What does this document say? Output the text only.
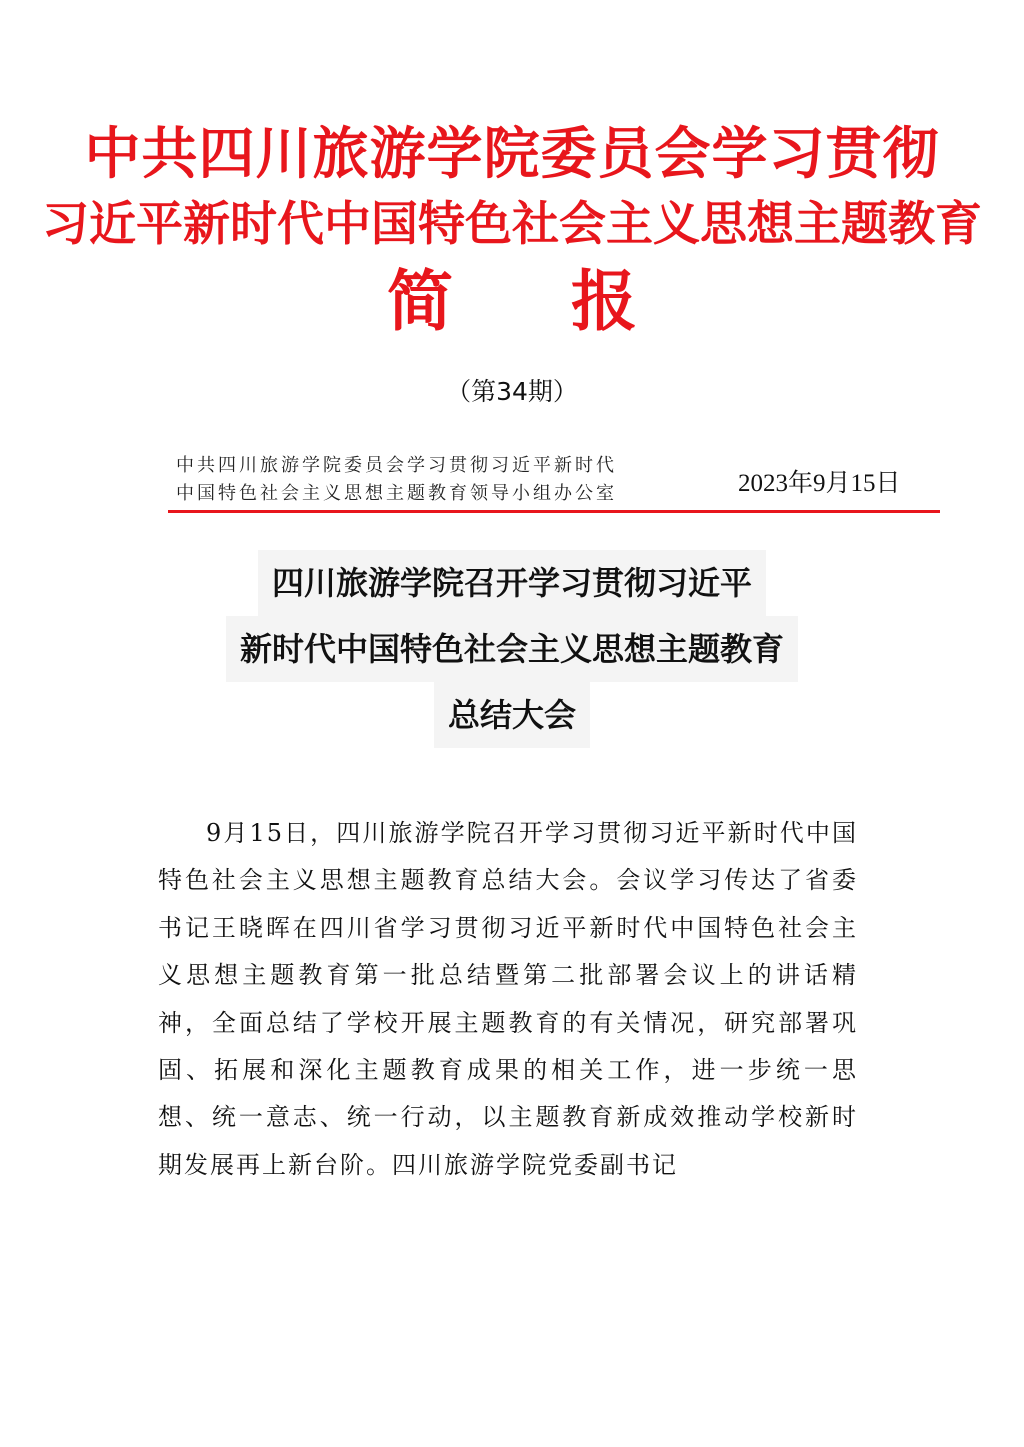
中共四川旅游学院委员会学习贯彻
习近平新时代中国特色社会主义思想主题教育
简报
（第34期）
中共四川旅游学院委员会学习贯彻习近平新时代
中国特色社会主义思想主题教育领导小组办公室	2023年9月15日
四川旅游学院召开学习贯彻习近平
新时代中国特色社会主义思想主题教育
总结大会
9月15日，四川旅游学院召开学习贯彻习近平新时代中国特色社会主义思想主题教育总结大会。会议学习传达了省委书记王晓晖在四川省学习贯彻习近平新时代中国特色社会主义思想主题教育第一批总结暨第二批部署会议上的讲话精神，全面总结了学校开展主题教育的有关情况，研究部署巩固、拓展和深化主题教育成果的相关工作，进一步统一思想、统一意志、统一行动，以主题教育新成效推动学校新时期发展再上新台阶。四川旅游学院党委副书记
